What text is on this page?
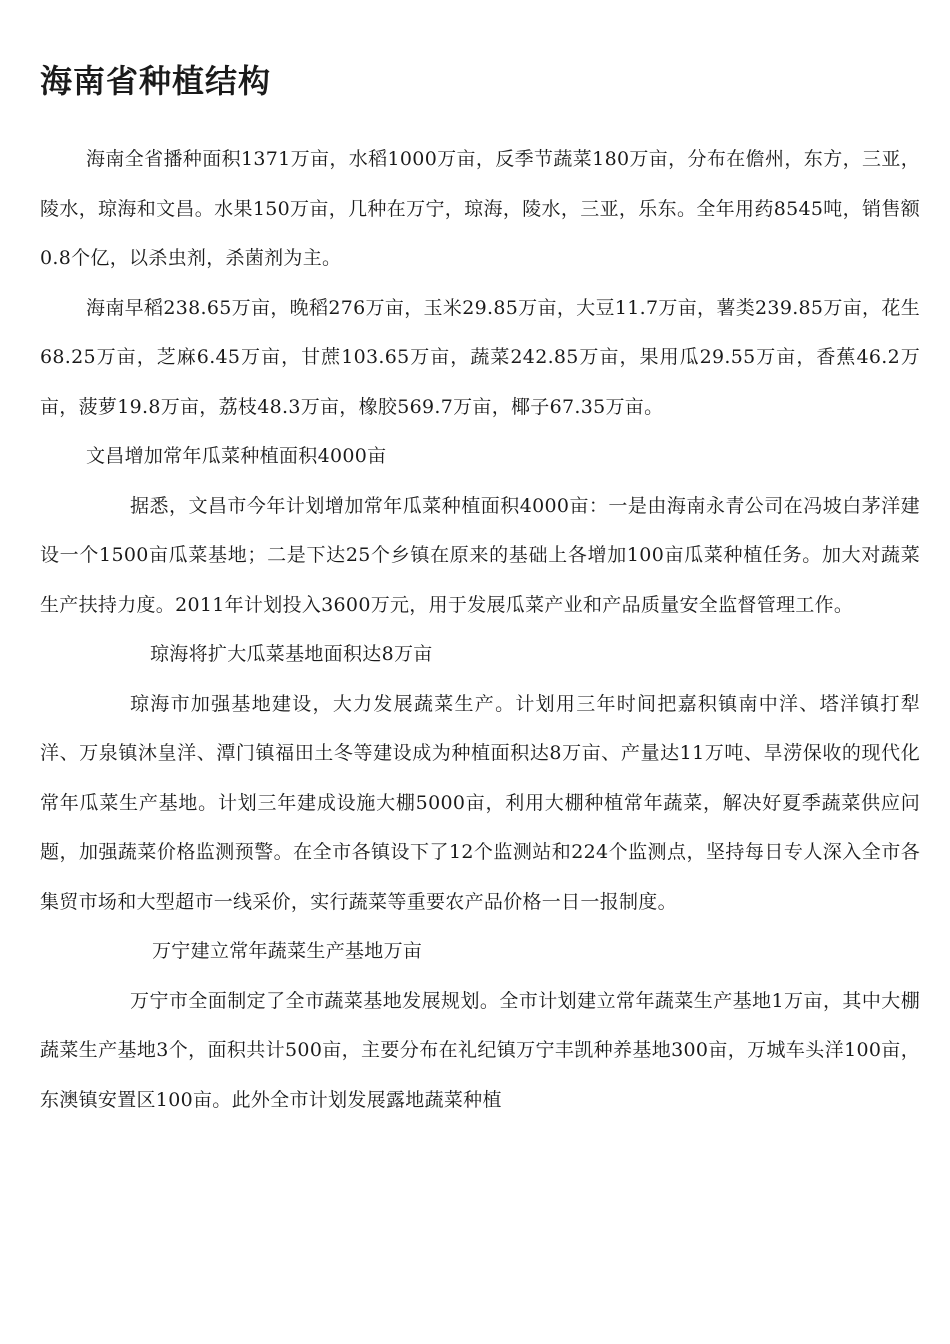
海南省种植结构

海南全省播种面积1371万亩，水稻1000万亩，反季节蔬菜180万亩，分布在儋州，东方，三亚，陵水，琼海和文昌。水果150万亩，几种在万宁，琼海，陵水，三亚，乐东。全年用药8545吨，销售额0.8个亿，以杀虫剂，杀菌剂为主。

海南早稻238.65万亩，晚稻276万亩，玉米29.85万亩，大豆11.7万亩，薯类239.85万亩，花生68.25万亩，芝麻6.45万亩，甘蔗103.65万亩，蔬菜242.85万亩，果用瓜29.55万亩，香蕉46.2万亩，菠萝19.8万亩，荔枝48.3万亩，橡胶569.7万亩，椰子67.35万亩。

文昌增加常年瓜菜种植面积4000亩

据悉，文昌市今年计划增加常年瓜菜种植面积4000亩：一是由海南永青公司在冯坡白茅洋建设一个1500亩瓜菜基地；二是下达25个乡镇在原来的基础上各增加100亩瓜菜种植任务。加大对蔬菜生产扶持力度。2011年计划投入3600万元，用于发展瓜菜产业和产品质量安全监督管理工作。

琼海将扩大瓜菜基地面积达8万亩

琼海市加强基地建设，大力发展蔬菜生产。计划用三年时间把嘉积镇南中洋、塔洋镇打犁洋、万泉镇沐皇洋、潭门镇福田土冬等建设成为种植面积达8万亩、产量达11万吨、旱涝保收的现代化常年瓜菜生产基地。计划三年建成设施大棚5000亩，利用大棚种植常年蔬菜，解决好夏季蔬菜供应问题，加强蔬菜价格监测预警。在全市各镇设下了12个监测站和224个监测点，坚持每日专人深入全市各集贸市场和大型超市一线采价，实行蔬菜等重要农产品价格一日一报制度。

万宁建立常年蔬菜生产基地万亩

万宁市全面制定了全市蔬菜基地发展规划。全市计划建立常年蔬菜生产基地1万亩，其中大棚蔬菜生产基地3个，面积共计500亩，主要分布在礼纪镇万宁丰凯种养基地300亩，万城车头洋100亩，东澳镇安置区100亩。此外全市计划发展露地蔬菜种植
